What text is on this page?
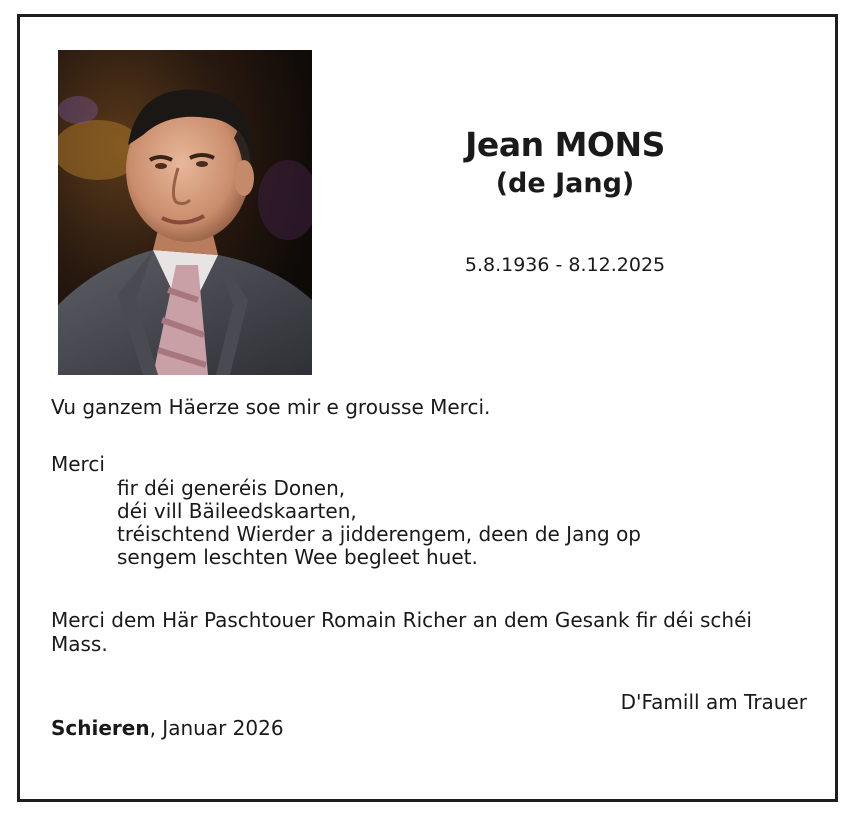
Jean MONS
(de Jang)
5.8.1936 - 8.12.2025
Vu ganzem Häerze soe mir e grousse Merci.
Merci
fir déi generéis Donen,
déi vill Bäileedskaarten,
tréischtend Wierder a jidderengem, deen de Jang op
sengem leschten Wee begleet huet.
Merci dem Här Paschtouer Romain Richer an dem Gesank fir déi schéi Mass.
D'Famill am Trauer
Schieren, Januar 2026
